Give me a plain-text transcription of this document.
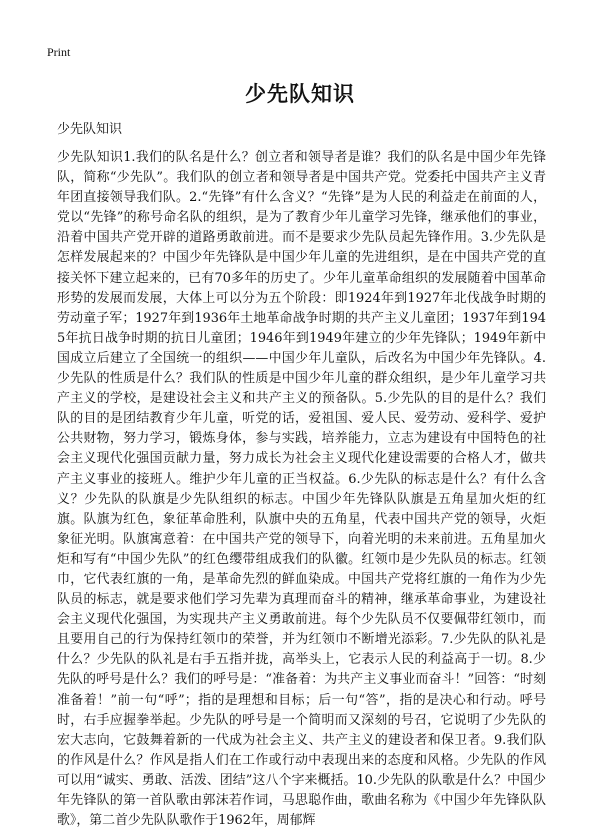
Print
少先队知识
少先队知识
少先队知识1.我们的队名是什么？创立者和领导者是谁？我们的队名是中国少年先锋队，简称“少先队”。我们队的创立者和领导者是中国共产党。党委托中国共产主义青年团直接领导我们队。2.“先锋”有什么含义？“先锋”是为人民的利益走在前面的人，党以“先锋”的称号命名队的组织，是为了教育少年儿童学习先锋，继承他们的事业，沿着中国共产党开辟的道路勇敢前进。而不是要求少先队员起先锋作用。3.少先队是怎样发展起来的？中国少年先锋队是中国少年儿童的先进组织，是在中国共产党的直接关怀下建立起来的，已有70多年的历史了。少年儿童革命组织的发展随着中国革命形势的发展而发展，大体上可以分为五个阶段：即1924年到1927年北伐战争时期的劳动童子军；1927年到1936年土地革命战争时期的共产主义儿童团；1937年到1945年抗日战争时期的抗日儿童团；1946年到1949年建立的少年先锋队；1949年新中国成立后建立了全国统一的组织——中国少年儿童队，后改名为中国少年先锋队。4.少先队的性质是什么？我们队的性质是中国少年儿童的群众组织，是少年儿童学习共产主义的学校，是建设社会主义和共产主义的预备队。5.少先队的目的是什么？我们队的目的是团结教育少年儿童，听党的话，爱祖国、爱人民、爱劳动、爱科学、爱护公共财物，努力学习，锻炼身体，参与实践，培养能力，立志为建设有中国特色的社会主义现代化强国贡献力量，努力成长为社会主义现代化建设需要的合格人才，做共产主义事业的接班人。维护少年儿童的正当权益。6.少先队的标志是什么？有什么含义？少先队的队旗是少先队组织的标志。中国少年先锋队队旗是五角星加火炬的红旗。队旗为红色，象征革命胜利，队旗中央的五角星，代表中国共产党的领导，火炬象征光明。队旗寓意着：在中国共产党的领导下，向着光明的未来前进。五角星加火炬和写有“中国少先队”的红色缨带组成我们的队徽。红领巾是少先队员的标志。红领巾，它代表红旗的一角，是革命先烈的鲜血染成。中国共产党将红旗的一角作为少先队员的标志，就是要求他们学习先辈为真理而奋斗的精神，继承革命事业，为建设社会主义现代化强国，为实现共产主义勇敢前进。每个少先队员不仅要佩带红领巾，而且要用自己的行为保持红领巾的荣誉，并为红领巾不断增光添彩。7.少先队的队礼是什么？少先队的队礼是右手五指并拢，高举头上，它表示人民的利益高于一切。8.少先队的呼号是什么？我们的呼号是：“准备着：为共产主义事业而奋斗！”回答：“时刻准备着！”前一句“呼”；指的是理想和目标；后一句“答”，指的是决心和行动。呼号时，右手应握拳举起。少先队的呼号是一个简明而又深刻的号召，它说明了少先队的宏大志向，它鼓舞着新的一代成为社会主义、共产主义的建设者和保卫者。9.我们队的作风是什么？作风是指人们在工作或行动中表现出来的态度和风格。少先队的作风可以用“诚实、勇敢、活泼、团结”这八个字来概括。10.少先队的队歌是什么？中国少年先锋队的第一首队歌由郭沫若作词，马思聪作曲，歌曲名称为《中国少年先锋队队歌》，第二首少先队队歌作于1962年，周郁辉
